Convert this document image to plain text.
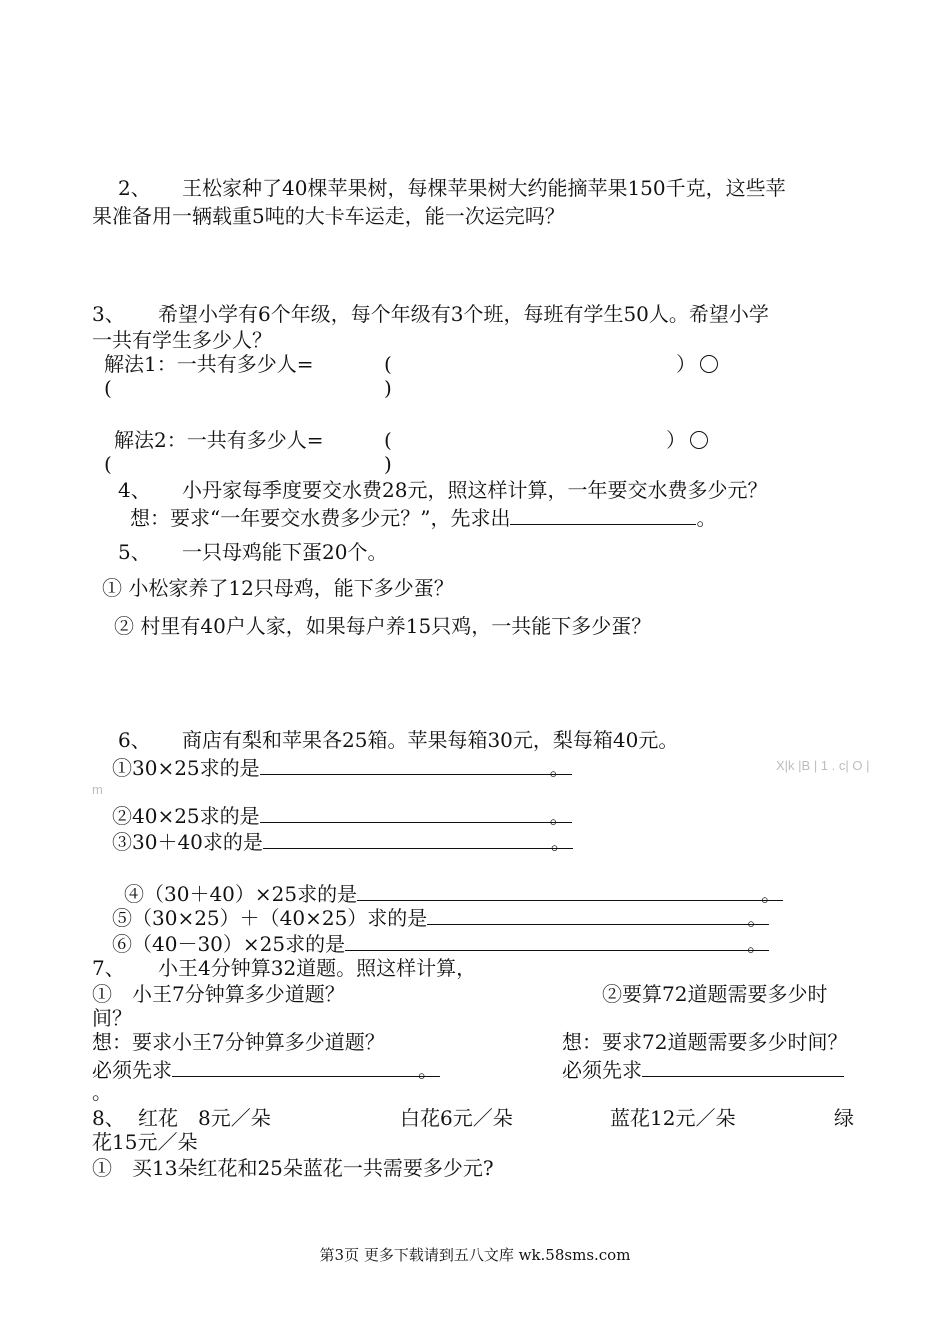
2、 王松家种了40棵苹果树，每棵苹果树大约能摘苹果150千克，这些苹
果准备用一辆载重5吨的大卡车运走，能一次运完吗？
3、 希望小学有6个年级，每个年级有3个班，每班有学生50人。希望小学
一共有学生多少人？
解法1：一共有多少人=	(	）
(	)
解法2：一共有多少人=	(	）
(	)
4、 小丹家每季度要交水费28元，照这样计算，一年要交水费多少元？
想：要求“一年要交水费多少元？”，先求出	。
5、 一只母鸡能下蛋20个。
① 小松家养了12只母鸡，能下多少蛋？
② 村里有40户人家，如果每户养15只鸡，一共能下多少蛋？
6、 商店有梨和苹果各25箱。苹果每箱30元，梨每箱40元。
①30×25求的是	。	X|k |B | 1 . c| O |
m
②40×25求的是	。
③30＋40求的是	。
④（30＋40）×25求的是	。
⑤（30×25）＋（40×25）求的是	。
⑥（40－30）×25求的是	。
7、 小王4分钟算32道题。照这样计算，
①　小王7分钟算多少道题？	②要算72道题需要多少时
间？
想：要求小王7分钟算多少道题？	想：要求72道题需要多少时间？
必须先求	。	必须先求
。
8、 红花　8元／朵	白花6元／朵	蓝花12元／朵	绿
花15元／朵
①　买13朵红花和25朵蓝花一共需要多少元?
第3页 更多下载请到五八文库 wk.58sms.com
